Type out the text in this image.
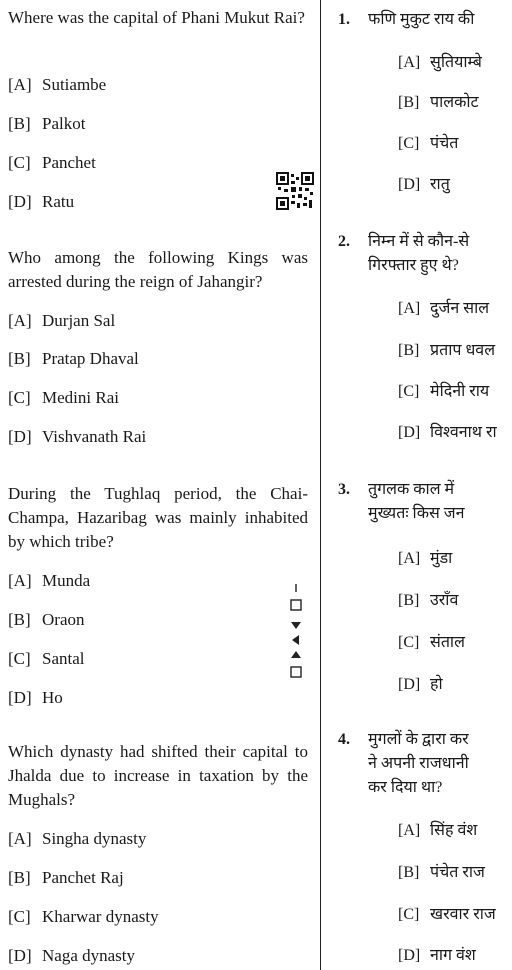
Where was the capital of Phani Mukut Rai?

[A] Sutiambe
[B] Palkot
[C] Panchet
[D] Ratu

Who among the following Kings was arrested during the reign of Jahangir?

[A] Durjan Sal
[B] Pratap Dhaval
[C] Medini Rai
[D] Vishvanath Rai

During the Tughlaq period, the Chai-Champa, Hazaribag was mainly inhabited by which tribe?

[A] Munda
[B] Oraon
[C] Santal
[D] Ho

Which dynasty had shifted their capital to Jhalda due to increase in taxation by the Mughals?

[A] Singha dynasty
[B] Panchet Raj
[C] Kharwar dynasty
[D] Naga dynasty
1. फणि मुकुट राय की
[A] सुतियाम्बे
[B] पालकोट
[C] पंचेत
[D] रातु
2. निम्न में से कौन-से
गिरफ्तार हुए थे?
[A] दुर्जन साल
[B] प्रताप धवल
[C] मेदिनी राय
[D] विश्वनाथ रा
3. तुगलक काल में
मुख्यतः किस जन
[A] मुंडा
[B] उराँव
[C] संताल
[D] हो
4. मुगलों के द्वारा कर
ने अपनी राजधानी
कर दिया था?
[A] सिंह वंश
[B] पंचेत राज
[C] खरवार राज
[D] नाग वंश
